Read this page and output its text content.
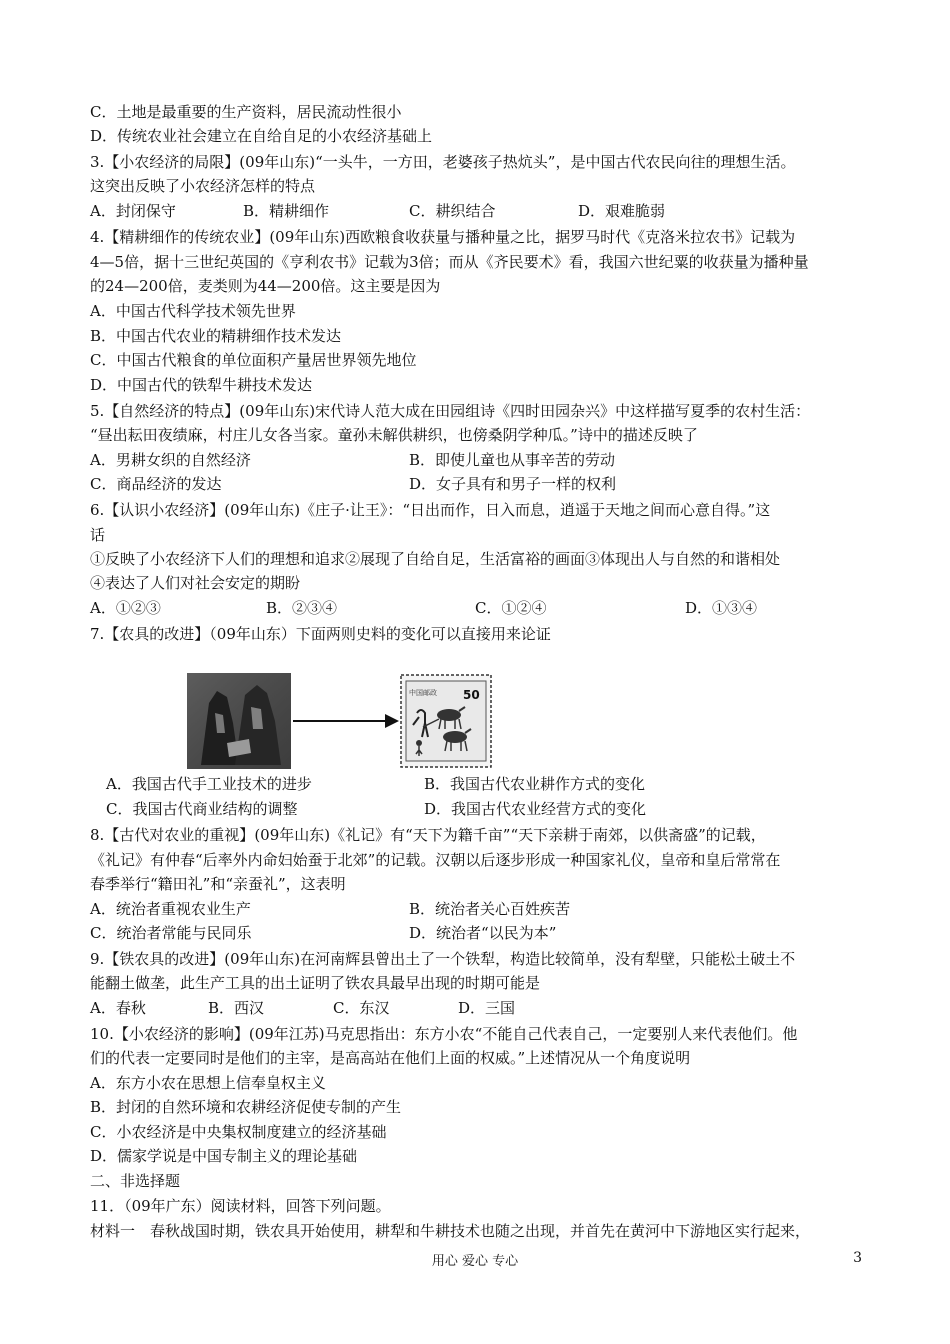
C．土地是最重要的生产资料，居民流动性很小
D．传统农业社会建立在自给自足的小农经济基础上
3.【小农经济的局限】(09年山东)“一头牛，一方田，老婆孩子热炕头”，是中国古代农民向往的理想生活。
这突出反映了小农经济怎样的特点
A．封闭保守	B．精耕细作	C．耕织结合	D．艰难脆弱
4.【精耕细作的传统农业】(09年山东)西欧粮食收获量与播种量之比，据罗马时代《克洛米拉农书》记载为
4—5倍，据十三世纪英国的《亨利农书》记载为3倍；而从《齐民要术》看，我国六世纪粟的收获量为播种量
的24—200倍，麦类则为44—200倍。这主要是因为
A．中国古代科学技术领先世界
B．中国古代农业的精耕细作技术发达
C．中国古代粮食的单位面积产量居世界领先地位
D．中国古代的铁犁牛耕技术发达
5.【自然经济的特点】(09年山东)宋代诗人范大成在田园组诗《四时田园杂兴》中这样描写夏季的农村生活：
“昼出耘田夜绩麻，村庄儿女各当家。童孙未解供耕织，也傍桑阴学种瓜。”诗中的描述反映了
A．男耕女织的自然经济	B．即使儿童也从事辛苦的劳动
C．商品经济的发达	D．女子具有和男子一样的权利
6.【认识小农经济】(09年山东)《庄子·让王》：“日出而作，日入而息，逍遥于天地之间而心意自得。”这
话
①反映了小农经济下人们的理想和追求②展现了自给自足，生活富裕的画面③体现出人与自然的和谐相处
④表达了人们对社会安定的期盼
A．①②③	B．②③④	C．①②④	D．①③④
7.【农具的改进】（09年山东）下面两则史料的变化可以直接用来论证
中国邮政 50
A．我国古代手工业技术的进步	B．我国古代农业耕作方式的变化
C．我国古代商业结构的调整	D．我国古代农业经营方式的变化
8.【古代对农业的重视】(09年山东)《礼记》有“天下为籍千亩”“天下亲耕于南郊，以供斋盛”的记载，
《礼记》有仲春“后率外内命妇始蚕于北郊”的记载。汉朝以后逐步形成一种国家礼仪，皇帝和皇后常常在
春季举行“籍田礼”和“亲蚕礼”，这表明
A．统治者重视农业生产	B．统治者关心百姓疾苦
C．统治者常能与民同乐	D．统治者“以民为本”
9.【铁农具的改进】(09年山东)在河南辉县曾出土了一个铁犁，构造比较简单，没有犁壁，只能松土破土不
能翻土做垄，此生产工具的出土证明了铁农具最早出现的时期可能是
A．春秋	B．西汉	C．东汉	D．三国
10.【小农经济的影响】(09年江苏)马克思指出：东方小农“不能自己代表自己，一定要别人来代表他们。他
们的代表一定要同时是他们的主宰，是高高站在他们上面的权威。”上述情况从一个角度说明
A．东方小农在思想上信奉皇权主义
B．封闭的自然环境和农耕经济促使专制的产生
C．小农经济是中央集权制度建立的经济基础
D．儒家学说是中国专制主义的理论基础
二、非选择题
11．（09年广东）阅读材料，回答下列问题。
材料一　春秋战国时期，铁农具开始使用，耕犁和牛耕技术也随之出现，并首先在黄河中下游地区实行起来，
用心 爱心 专心	3
